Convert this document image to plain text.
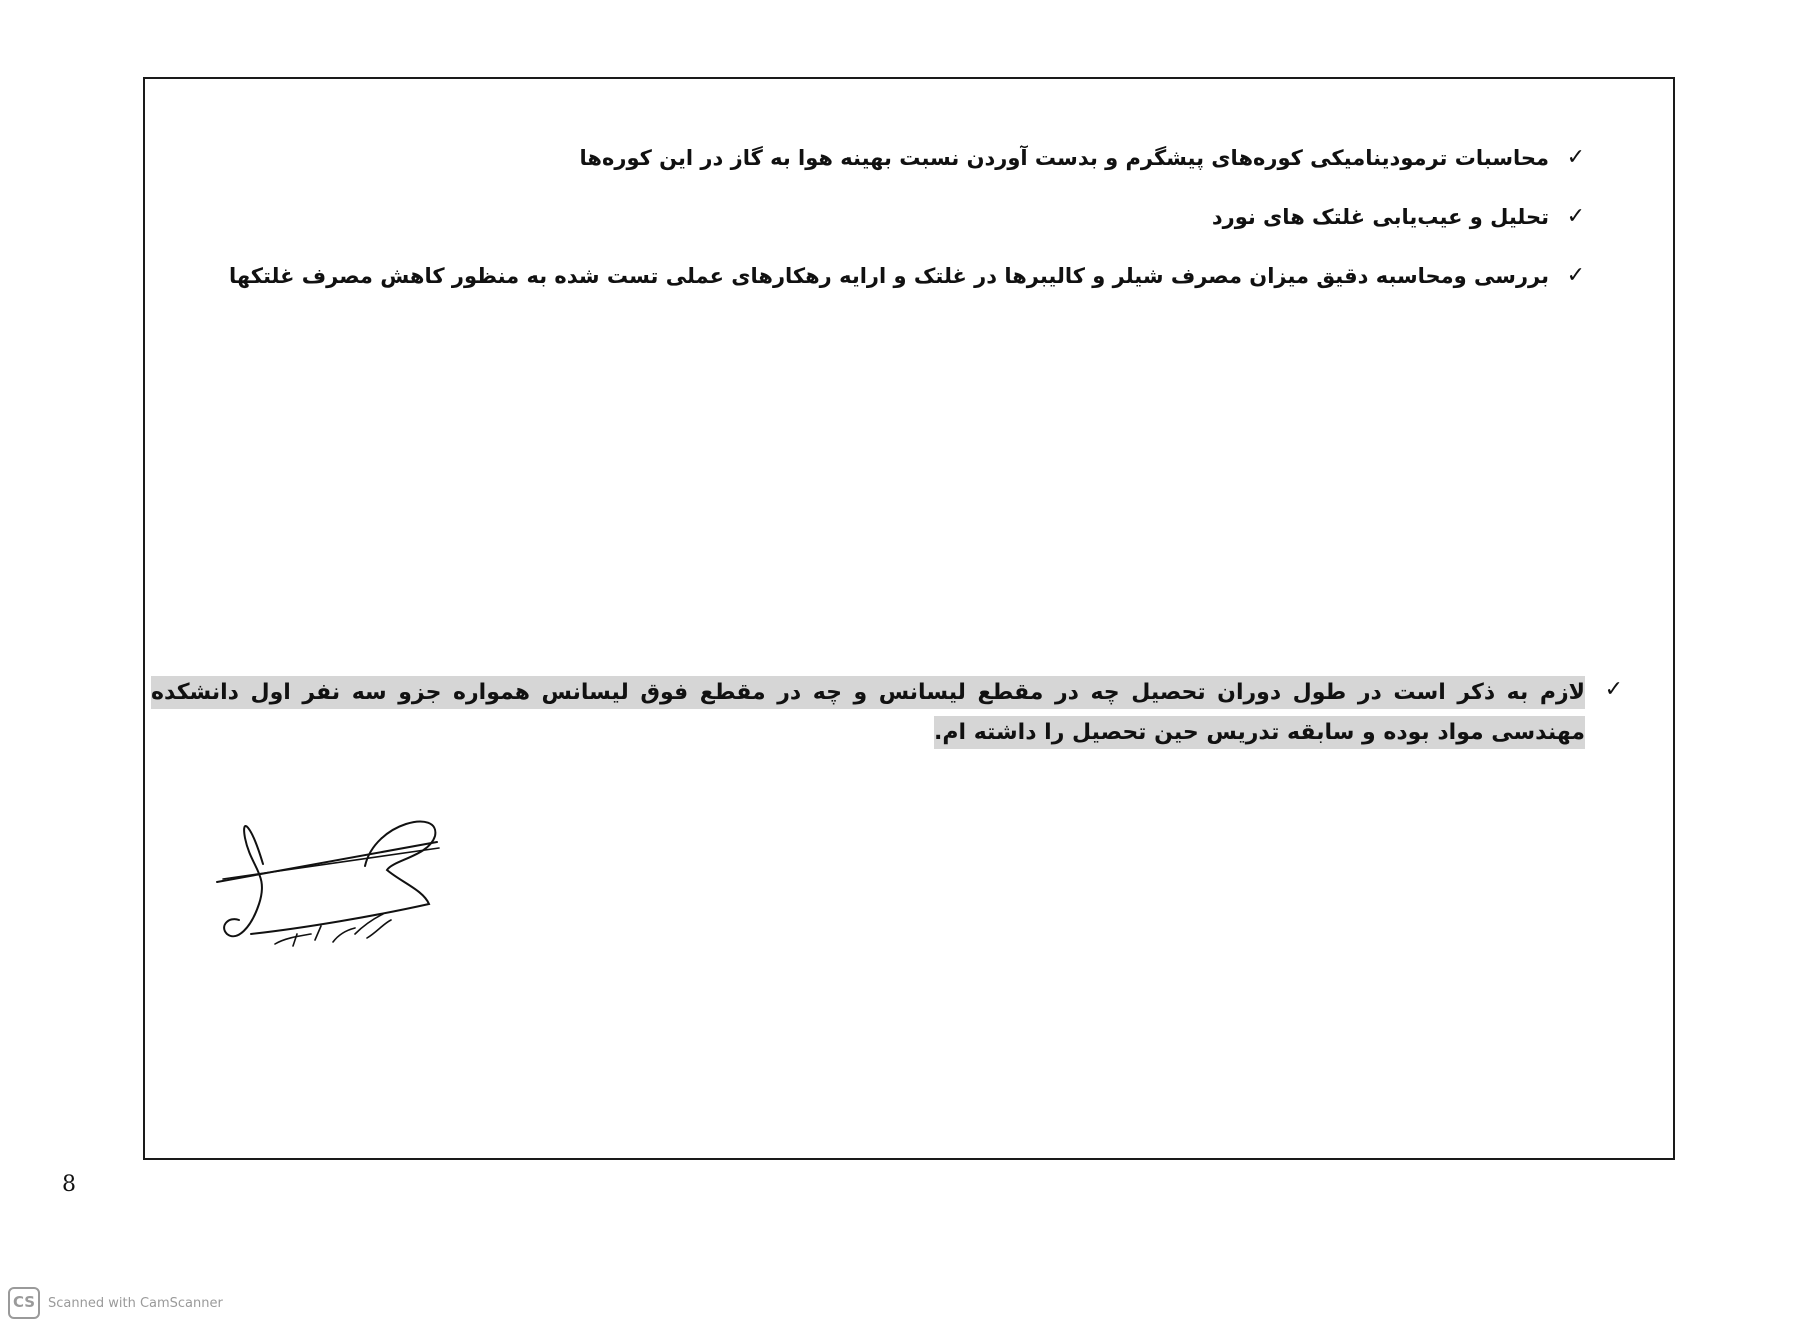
✓
محاسبات ترمودینامیکی کوره‌های پیشگرم و بدست آوردن نسبت بهینه هوا به گاز در این کوره‌ها
✓
تحلیل و عیب‌یابی غلتک های نورد
✓
بررسی ومحاسبه دقیق میزان مصرف شیلر و کالیبرها در غلتک و ارایه رهکارهای عملی تست شده به منظور کاهش مصرف غلتکها
✓
لازم به ذکر است در طول دوران تحصیل چه در مقطع لیسانس و چه در مقطع فوق لیسانس همواره جزو سه نفر اول دانشکده مهندسی مواد بوده و سابقه تدریس حین تحصیل را داشته ام.
8
CS Scanned with CamScanner
